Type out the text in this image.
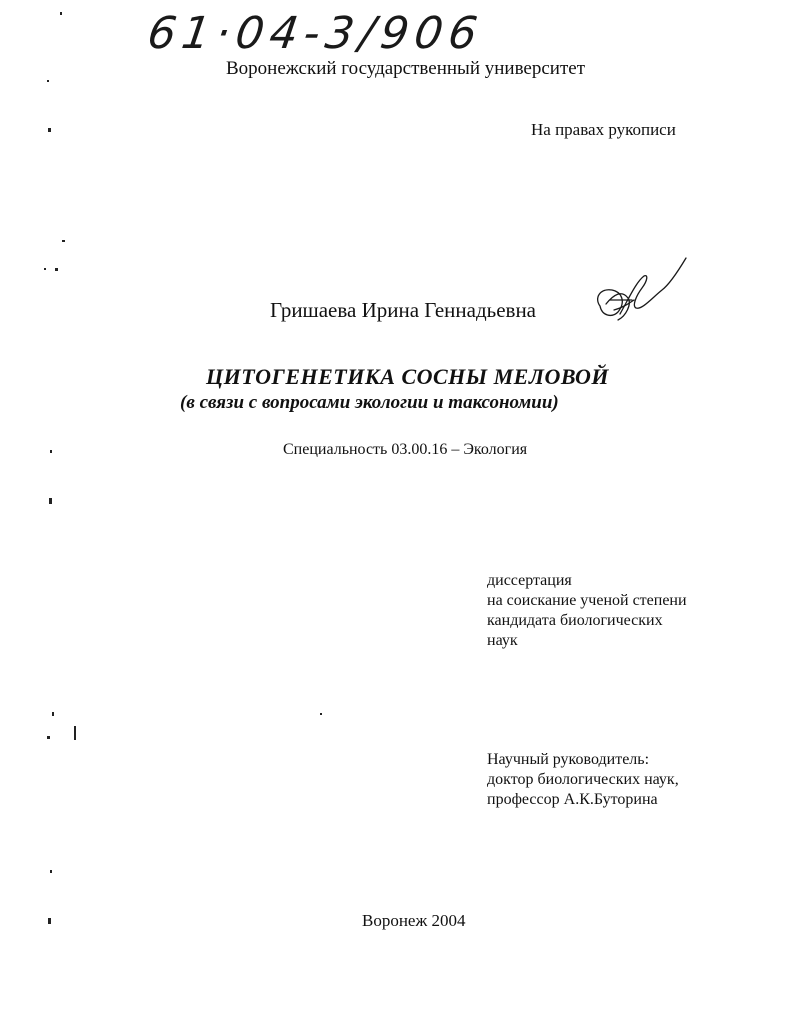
61·04-3/906
Воронежский государственный университет
На правах рукописи
Гришаева Ирина Геннадьевна
ЦИТОГЕНЕТИКА СОСНЫ МЕЛОВОЙ
(в связи с вопросами экологии и таксономии)
Специальность 03.00.16 – Экология
диссертация
на соискание ученой степени
кандидата биологических
наук
Научный руководитель:
доктор биологических наук,
профессор А.К.Буторина
Воронеж 2004
